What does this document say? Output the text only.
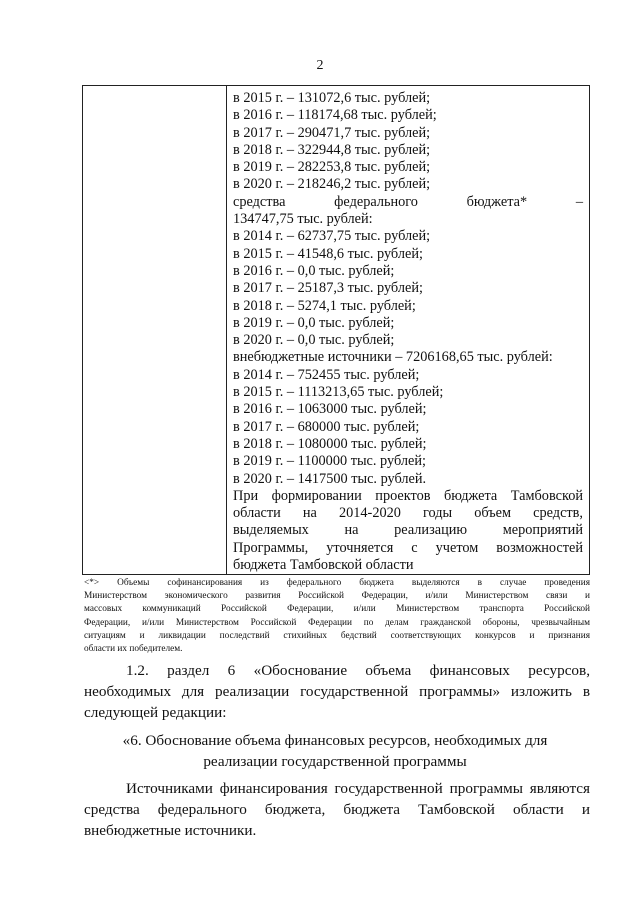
2
в 2015 г. – 131072,6 тыс. рублей;
в 2016 г. – 118174,68 тыс. рублей;
в 2017 г. – 290471,7 тыс. рублей;
в 2018 г. – 322944,8 тыс. рублей;
в 2019 г. – 282253,8 тыс. рублей;
в 2020 г. – 218246,2 тыс. рублей;
средства федерального бюджета* –
134747,75 тыс. рублей:
в 2014 г. – 62737,75 тыс. рублей;
в 2015 г. – 41548,6 тыс. рублей;
в 2016 г. – 0,0 тыс. рублей;
в 2017 г. – 25187,3 тыс. рублей;
в 2018 г. – 5274,1 тыс. рублей;
в 2019 г. – 0,0 тыс. рублей;
в 2020 г. – 0,0 тыс. рублей;
внебюджетные источники – 7206168,65 тыс. рублей:
в 2014 г. – 752455 тыс. рублей;
в 2015 г. – 1113213,65 тыс. рублей;
в 2016 г. – 1063000 тыс. рублей;
в 2017 г. – 680000 тыс. рублей;
в 2018 г. – 1080000 тыс. рублей;
в 2019 г. – 1100000 тыс. рублей;
в 2020 г. – 1417500 тыс. рублей.
При формировании проектов бюджета Тамбовской
области на 2014-2020 годы объем средств,
выделяемых на реализацию мероприятий
Программы, уточняется с учетом возможностей
бюджета Тамбовской области
<*> Объемы софинансирования из федерального бюджета выделяются в случае проведения
Министерством экономического развития Российской Федерации, и/или Министерством связи и
массовых коммуникаций Российской Федерации, и/или Министерством транспорта Российской
Федерации, и/или Министерством Российской Федерации по делам гражданской обороны, чрезвычайным
ситуациям и ликвидации последствий стихийных бедствий соответствующих конкурсов и признания
области их победителем.
1.2. раздел 6 «Обоснование объема финансовых ресурсов,
необходимых для реализации государственной программы» изложить в
следующей редакции:
«6. Обоснование объема финансовых ресурсов, необходимых для
реализации государственной программы
Источниками финансирования государственной программы являются
средства федерального бюджета, бюджета Тамбовской области и
внебюджетные источники.
